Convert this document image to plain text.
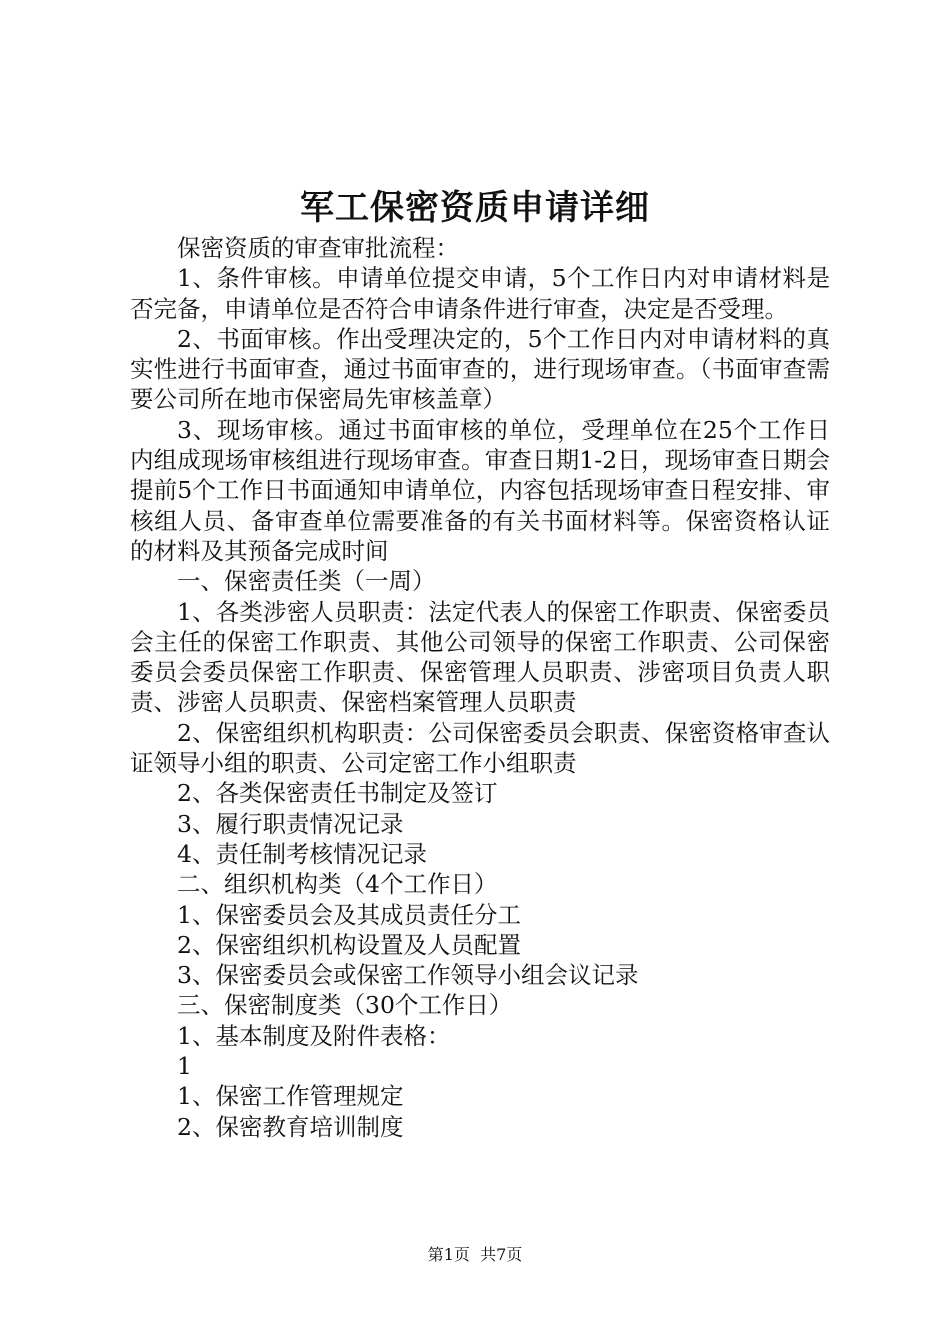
军工保密资质申请详细

保密资质的审查审批流程：

1、条件审核。申请单位提交申请，5个工作日内对申请材料是否完备，申请单位是否符合申请条件进行审查，决定是否受理。

2、书面审核。作出受理决定的，5个工作日内对申请材料的真实性进行书面审查，通过书面审查的，进行现场审查。（书面审查需要公司所在地市保密局先审核盖章）

3、现场审核。通过书面审核的单位，受理单位在25个工作日内组成现场审核组进行现场审查。审查日期1-2日，现场审查日期会提前5个工作日书面通知申请单位，内容包括现场审查日程安排、审核组人员、备审查单位需要准备的有关书面材料等。保密资格认证的材料及其预备完成时间

一、保密责任类（一周）

1、各类涉密人员职责：法定代表人的保密工作职责、保密委员会主任的保密工作职责、其他公司领导的保密工作职责、公司保密委员会委员保密工作职责、保密管理人员职责、涉密项目负责人职责、涉密人员职责、保密档案管理人员职责

2、保密组织机构职责：公司保密委员会职责、保密资格审查认证领导小组的职责、公司定密工作小组职责

2、各类保密责任书制定及签订

3、履行职责情况记录

4、责任制考核情况记录

二、组织机构类（4个工作日）

1、保密委员会及其成员责任分工

2、保密组织机构设置及人员配置

3、保密委员会或保密工作领导小组会议记录

三、保密制度类（30个工作日）

1、基本制度及附件表格：

1

1、保密工作管理规定

2、保密教育培训制度

第1页  共7页
